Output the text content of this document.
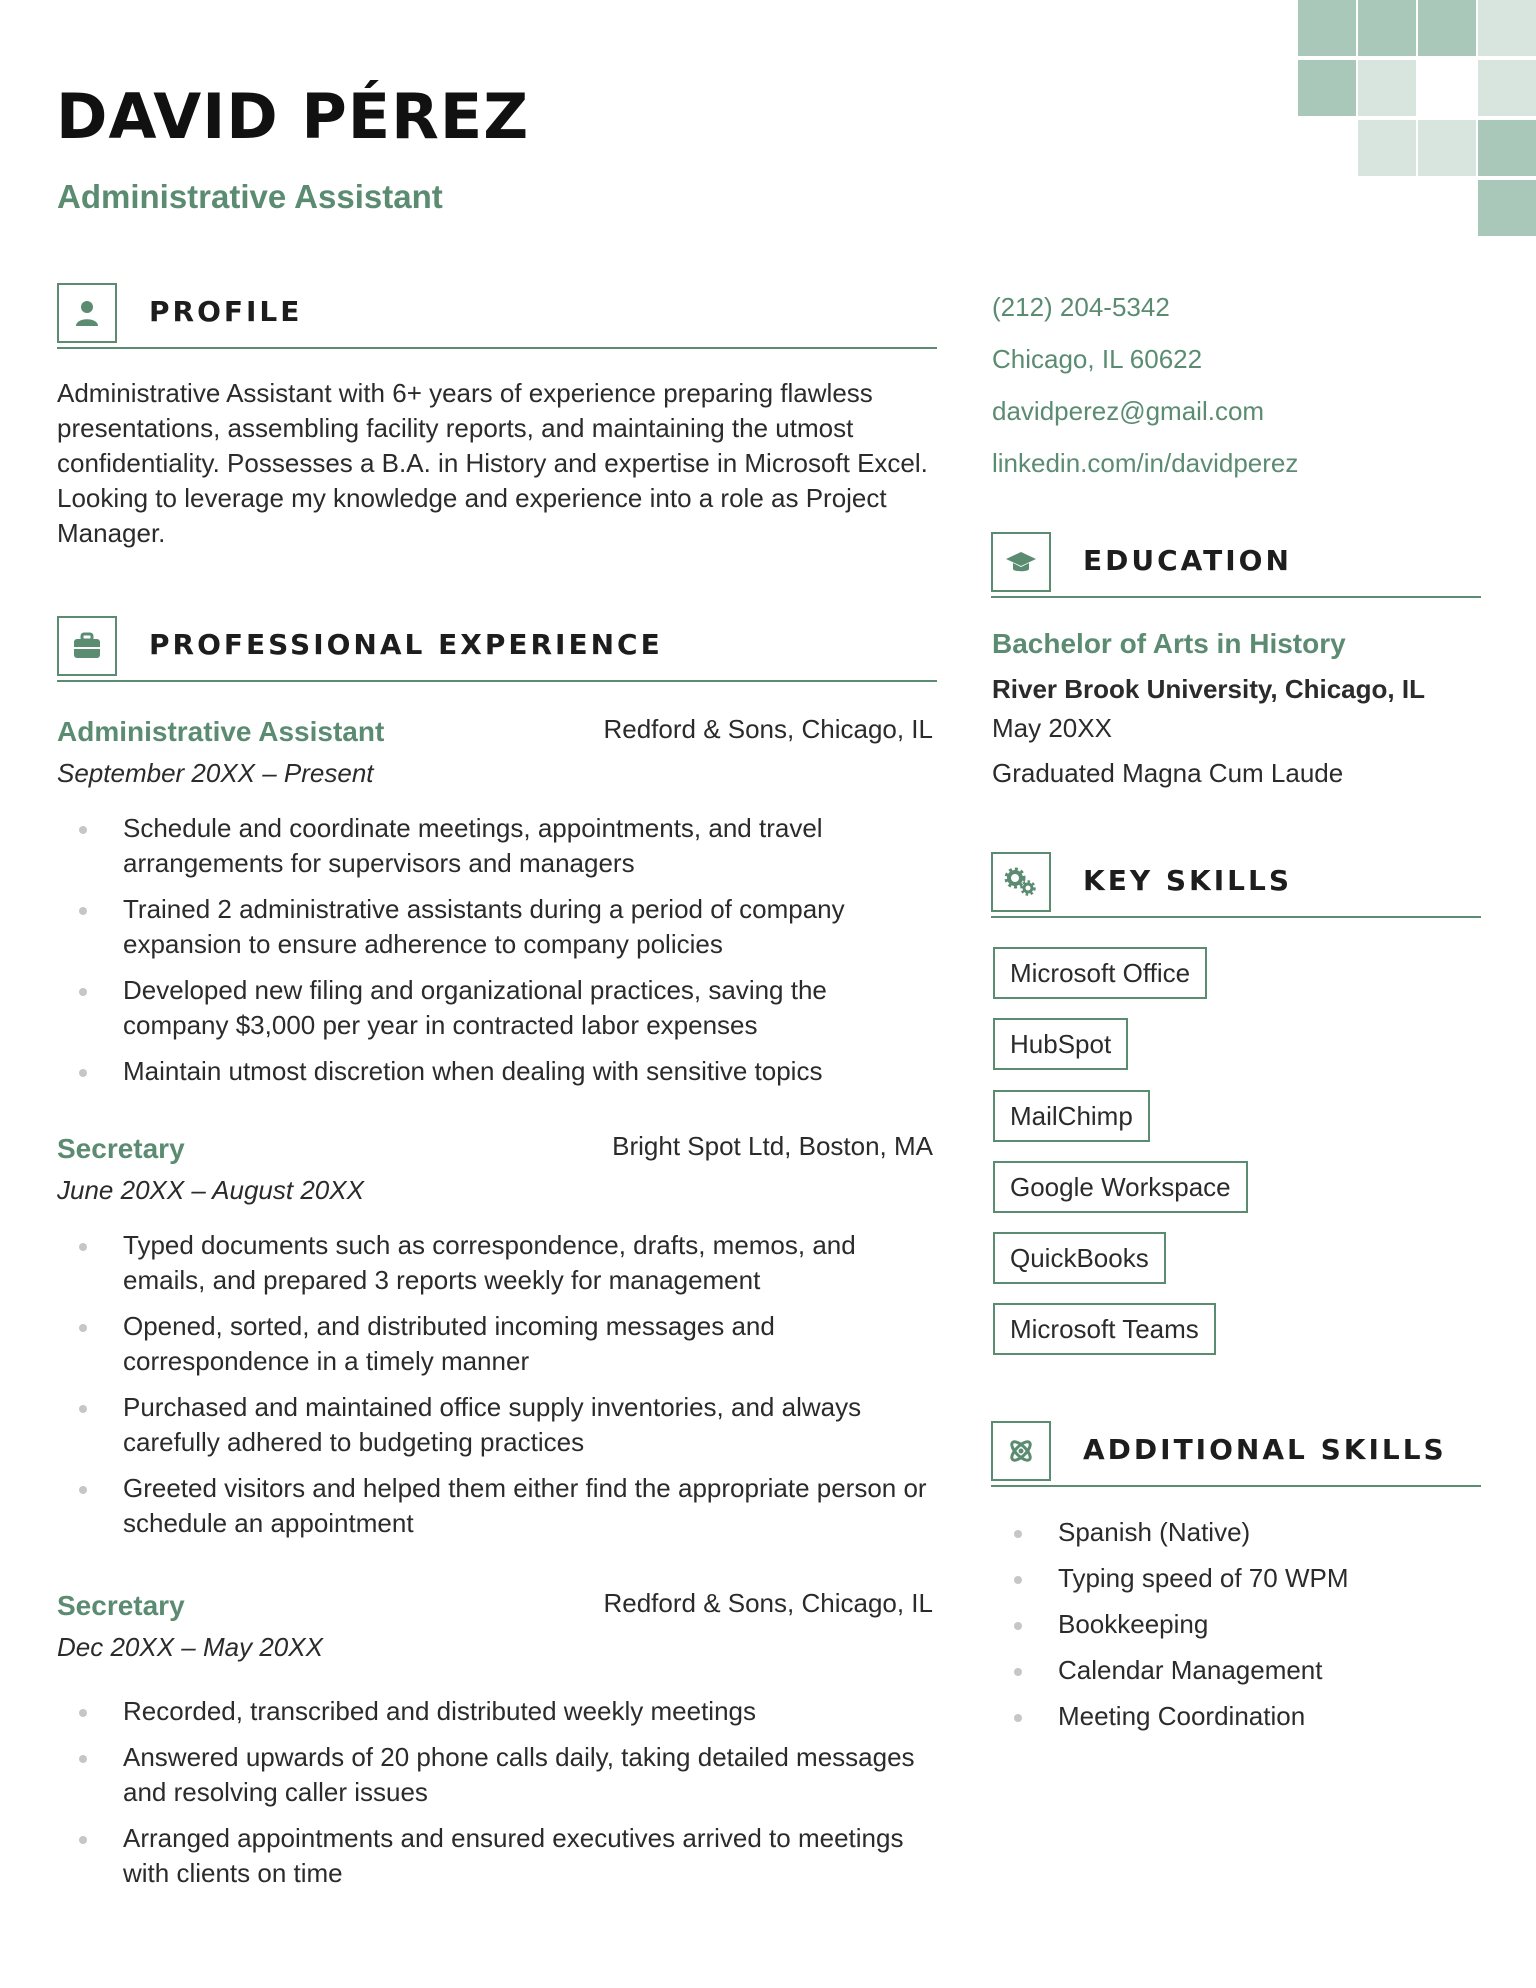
DAVID PÉREZ
Administrative Assistant
PROFILE

Administrative Assistant with 6+ years of experience preparing flawless presentations, assembling facility reports, and maintaining the utmost confidentiality. Possesses a B.A. in History and expertise in Microsoft Excel. Looking to leverage my knowledge and experience into a role as Project Manager.

PROFESSIONAL EXPERIENCE
Administrative Assistant	Redford & Sons, Chicago, IL
September 20XX – Present
Schedule and coordinate meetings, appointments, and travel arrangements for supervisors and managers
Trained 2 administrative assistants during a period of company expansion to ensure adherence to company policies
Developed new filing and organizational practices, saving the company $3,000 per year in contracted labor expenses
Maintain utmost discretion when dealing with sensitive topics
Secretary	Bright Spot Ltd, Boston, MA
June 20XX – August 20XX
Typed documents such as correspondence, drafts, memos, and emails, and prepared 3 reports weekly for management
Opened, sorted, and distributed incoming messages and correspondence in a timely manner
Purchased and maintained office supply inventories, and always carefully adhered to budgeting practices
Greeted visitors and helped them either find the appropriate person or schedule an appointment
Secretary	Redford & Sons, Chicago, IL
Dec 20XX – May 20XX
Recorded, transcribed and distributed weekly meetings
Answered upwards of 20 phone calls daily, taking detailed messages and resolving caller issues
Arranged appointments and ensured executives arrived to meetings with clients on time
(212) 204-5342
Chicago, IL 60622
davidperez@gmail.com
linkedin.com/in/davidperez
EDUCATION
Bachelor of Arts in History
River Brook University, Chicago, IL
May 20XX
Graduated Magna Cum Laude
KEY SKILLS
Microsoft Office
HubSpot
MailChimp
Google Workspace
QuickBooks
Microsoft Teams
ADDITIONAL SKILLS
Spanish (Native)
Typing speed of 70 WPM
Bookkeeping
Calendar Management
Meeting Coordination
